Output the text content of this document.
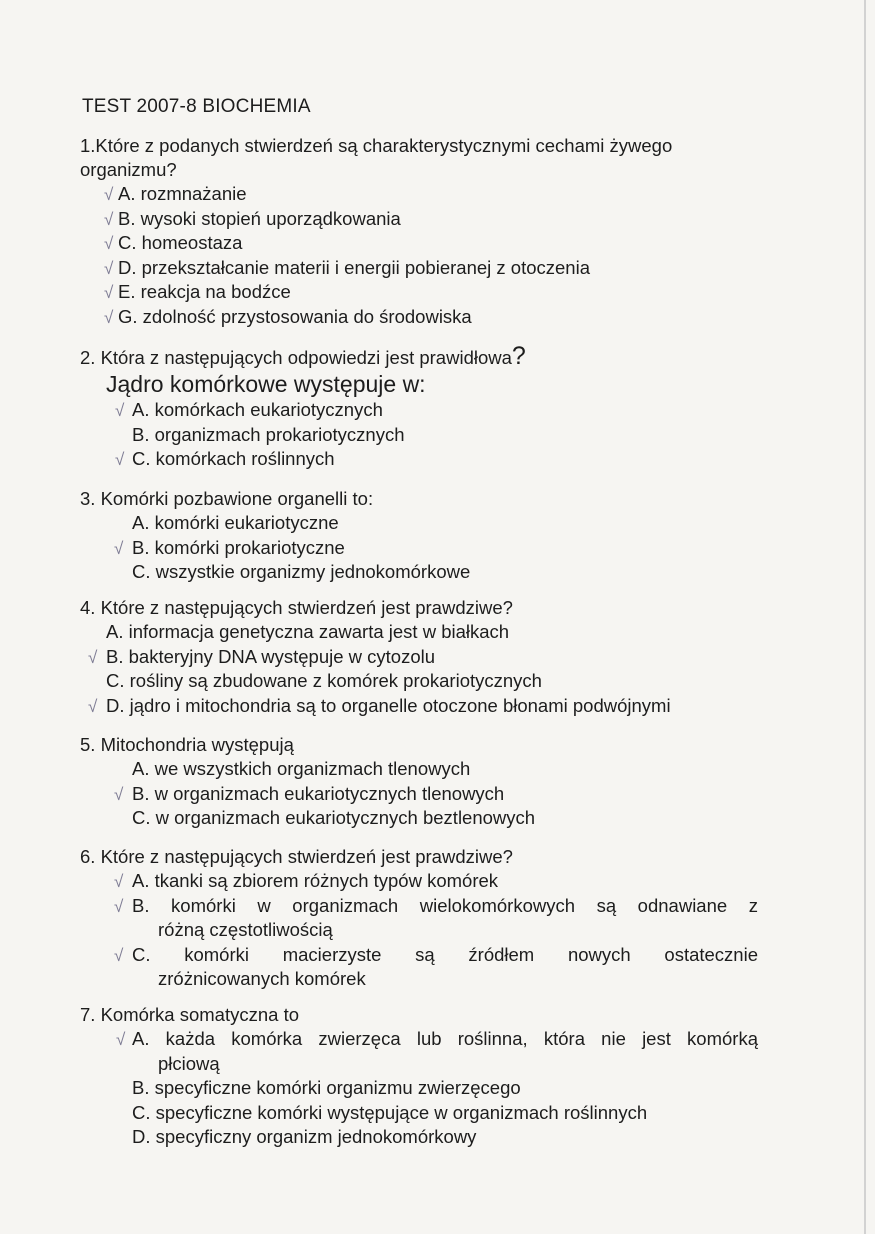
TEST 2007-8 BIOCHEMIA
1.Które z podanych stwierdzeń są charakterystycznymi cechami żywego
organizmu?
√ A. rozmnażanie
√ B. wysoki stopień uporządkowania
√ C. homeostaza
√ D. przekształcanie materii i energii pobieranej z otoczenia
√ E. reakcja na bodźce
√ G. zdolność przystosowania do środowiska
2. Która z następujących odpowiedzi jest prawidłowa?
Jądro komórkowe występuje w:
√ A. komórkach eukariotycznych
B. organizmach prokariotycznych
√ C. komórkach roślinnych
3. Komórki pozbawione organelli to:
A. komórki eukariotyczne
√ B. komórki prokariotyczne
C. wszystkie organizmy jednokomórkowe
4. Które z następujących stwierdzeń jest prawdziwe?
A. informacja genetyczna zawarta jest w białkach
√ B. bakteryjny DNA występuje w cytozolu
C. rośliny są zbudowane z komórek prokariotycznych
√ D. jądro i mitochondria są to organelle otoczone błonami podwójnymi
5. Mitochondria występują
A. we wszystkich organizmach tlenowych
√ B. w organizmach eukariotycznych tlenowych
C. w organizmach eukariotycznych beztlenowych
6. Które z następujących stwierdzeń jest prawdziwe?
√ A. tkanki są zbiorem różnych typów komórek
√ B. komórki w organizmach wielokomórkowych są odnawiane z
różną częstotliwością
√ C. komórki macierzyste są źródłem nowych ostatecznie
zróżnicowanych komórek
7. Komórka somatyczna to
√ A. każda komórka zwierzęca lub roślinna, która nie jest komórką
płciową
B. specyficzne komórki organizmu zwierzęcego
C. specyficzne komórki występujące w organizmach roślinnych
D. specyficzny organizm jednokomórkowy
